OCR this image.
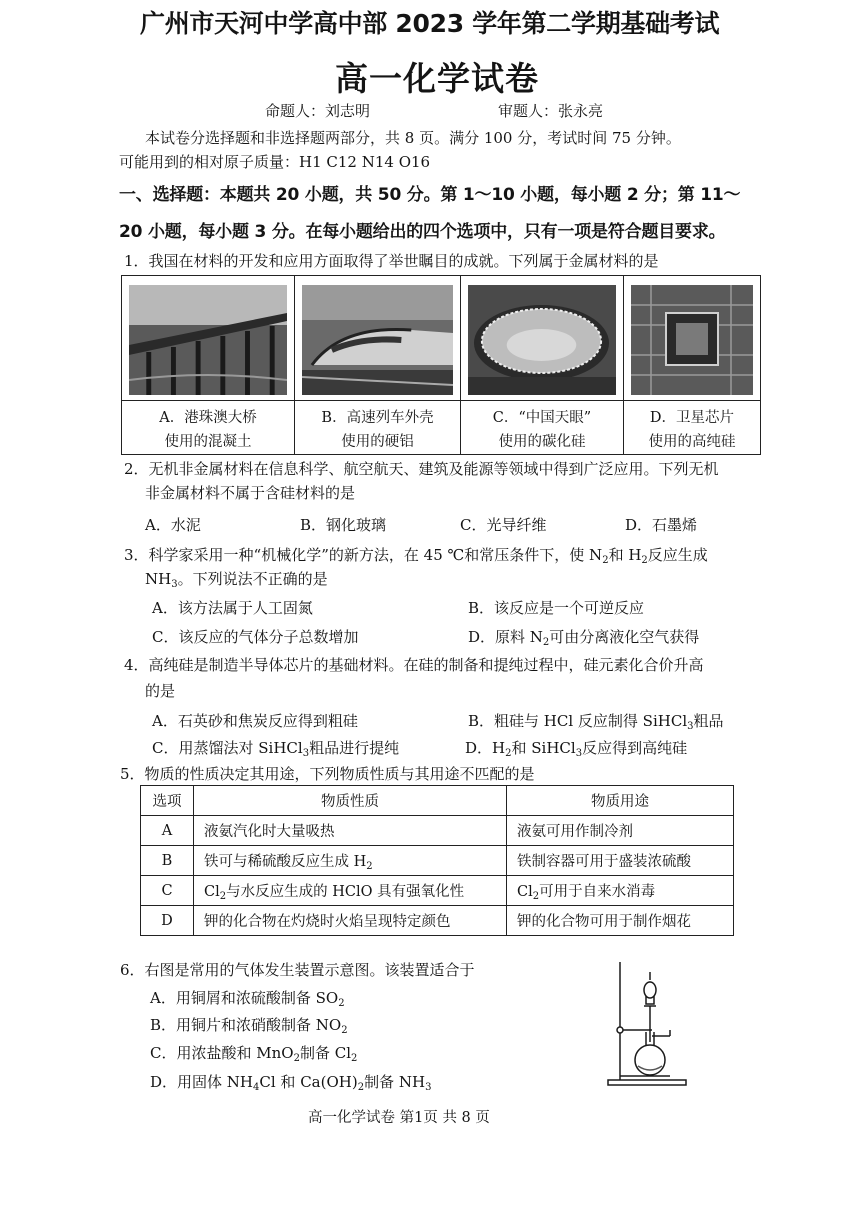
广州市天河中学高中部 2023 学年第二学期基础考试
高一化学试卷
命题人：刘志明	审题人：张永亮
本试卷分选择题和非选择题两部分，共 8 页。满分 100 分，考试时间 75 分钟。
可能用到的相对原子质量：H1 C12 N14 O16
一、选择题：本题共 20 小题，共 50 分。第 1～10 小题，每小题 2 分；第 11～
20 小题，每小题 3 分。在每小题给出的四个选项中，只有一项是符合题目要求。
1．我国在材料的开发和应用方面取得了举世瞩目的成就。下列属于金属材料的是
A．港珠澳大桥
使用的混凝土
B．高速列车外壳
使用的硬铝
C．“中国天眼”
使用的碳化硅
D．卫星芯片
使用的高纯硅
2．无机非金属材料在信息科学、航空航天、建筑及能源等领域中得到广泛应用。下列无机
非金属材料不属于含硅材料的是
A．水泥	B．钢化玻璃	C．光导纤维	D．石墨烯
3．科学家采用一种“机械化学”的新方法，在 45 ℃和常压条件下，使 $N_2$和 $H_2$反应生成
$NH_3$。下列说法不正确的是
A．该方法属于人工固氮	B．该反应是一个可逆反应
C．该反应的气体分子总数增加	D．原料 $N_2$可由分离液化空气获得
4．高纯硅是制造半导体芯片的基础材料。在硅的制备和提纯过程中，硅元素化合价升高
的是
A．石英砂和焦炭反应得到粗硅	B．粗硅与 HCl 反应制得 SiHCl$_3$粗品
C．用蒸馏法对 SiHCl$_3$粗品进行提纯	D．$H_2$和 SiHCl$_3$反应得到高纯硅
5．物质的性质决定其用途，下列物质性质与其用途不匹配的是
选项	物质性质	物质用途
A	液氨汽化时大量吸热	液氨可用作制冷剂
B	铁可与稀硫酸反应生成 $H_2$	铁制容器可用于盛装浓硫酸
C	$Cl_2$与水反应生成的 HClO 具有强氧化性	$Cl_2$可用于自来水消毒
D	钾的化合物在灼烧时火焰呈现特定颜色	钾的化合物可用于制作烟花
6．右图是常用的气体发生装置示意图。该装置适合于
A．用铜屑和浓硫酸制备 $SO_2$
B．用铜片和浓硝酸制备 $NO_2$
C．用浓盐酸和 MnO$_2$制备 $Cl_2$
D．用固体 $NH_4Cl$ 和 $Ca(OH)_2$制备 $NH_3$
高一化学试卷 第1页 共 8 页
